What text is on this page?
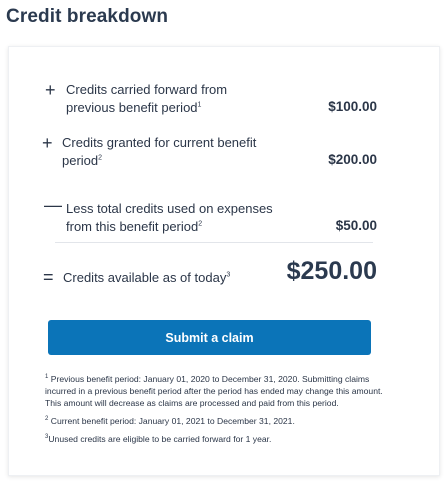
Credit breakdown
+ Credits carried forward from
previous benefit period$^1$	$100.00
+ Credits granted for current benefit
period$^2$	$200.00
— Less total credits used on expenses
from this benefit period$^2$	$50.00
= Credits available as of today$^3$ $250.00
Submit a claim

$^1$ Previous benefit period: January 01, 2020 to December 31, 2020. Submitting claims incurred in a previous benefit period after the period has ended may change this amount. This amount will decrease as claims are processed and paid from this period.

$^2$ Current benefit period: January 01, 2021 to December 31, 2021.

$^3$Unused credits are eligible to be carried forward for 1 year.
